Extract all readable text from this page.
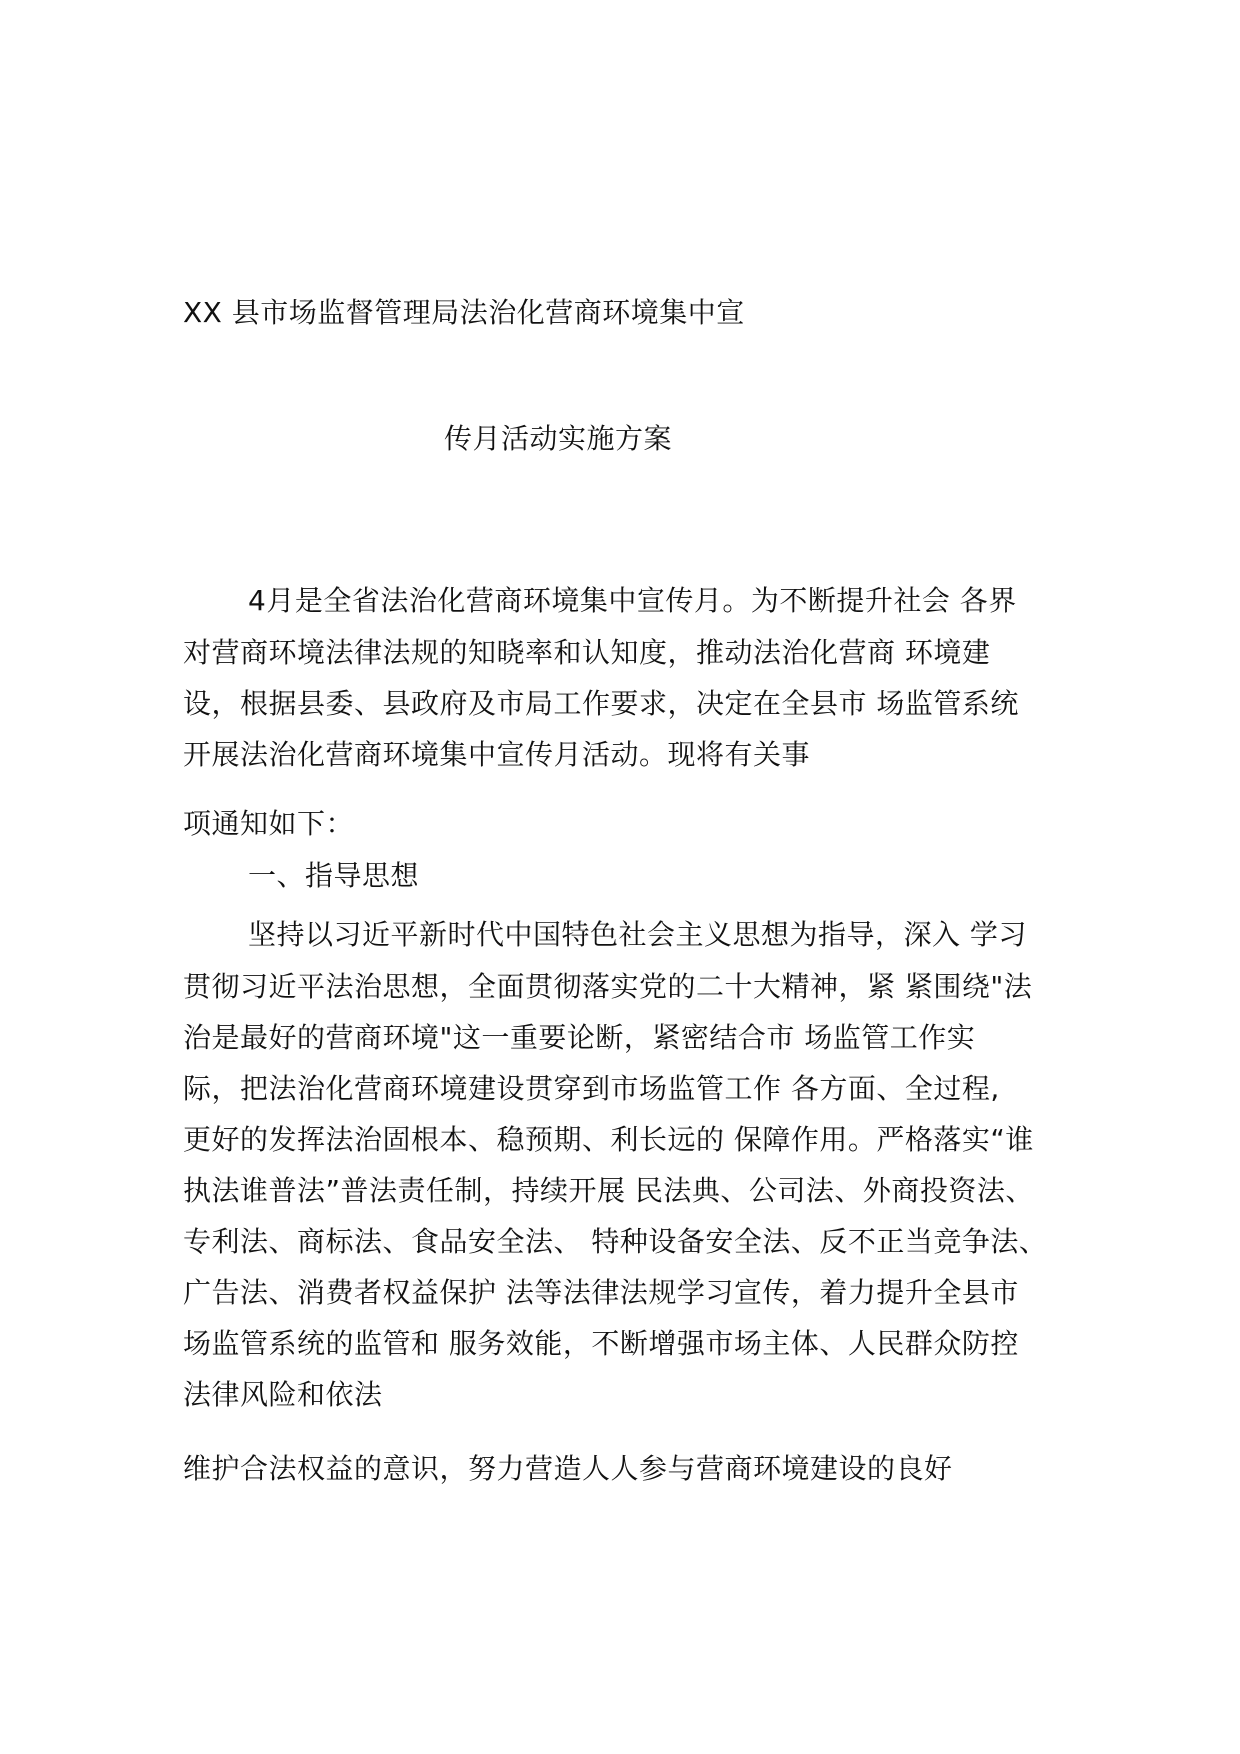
XX 县市场监督管理局法治化营商环境集中宣
传月活动实施方案
4月是全省法治化营商环境集中宣传月。为不断提升社会 各界
对营商环境法律法规的知晓率和认知度，推动法治化营商 环境建
设，根据县委、县政府及市局工作要求，决定在全县市 场监管系统
开展法治化营商环境集中宣传月活动。现将有关事
项通知如下：
一、指导思想
坚持以习近平新时代中国特色社会主义思想为指导，深入 学习
贯彻习近平法治思想，全面贯彻落实党的二十大精神，紧 紧围绕"法
治是最好的营商环境"这一重要论断，紧密结合市 场监管工作实
际，把法治化营商环境建设贯穿到市场监管工作 各方面、全过程,
更好的发挥法治固根本、稳预期、利长远的 保障作用。严格落实“谁
执法谁普法”普法责任制，持续开展 民法典、公司法、外商投资法、
专利法、商标法、食品安全法、 特种设备安全法、反不正当竞争法、
广告法、消费者权益保护 法等法律法规学习宣传，着力提升全县市
场监管系统的监管和 服务效能，不断增强市场主体、人民群众防控
法律风险和依法
维护合法权益的意识，努力营造人人参与营商环境建设的良好
